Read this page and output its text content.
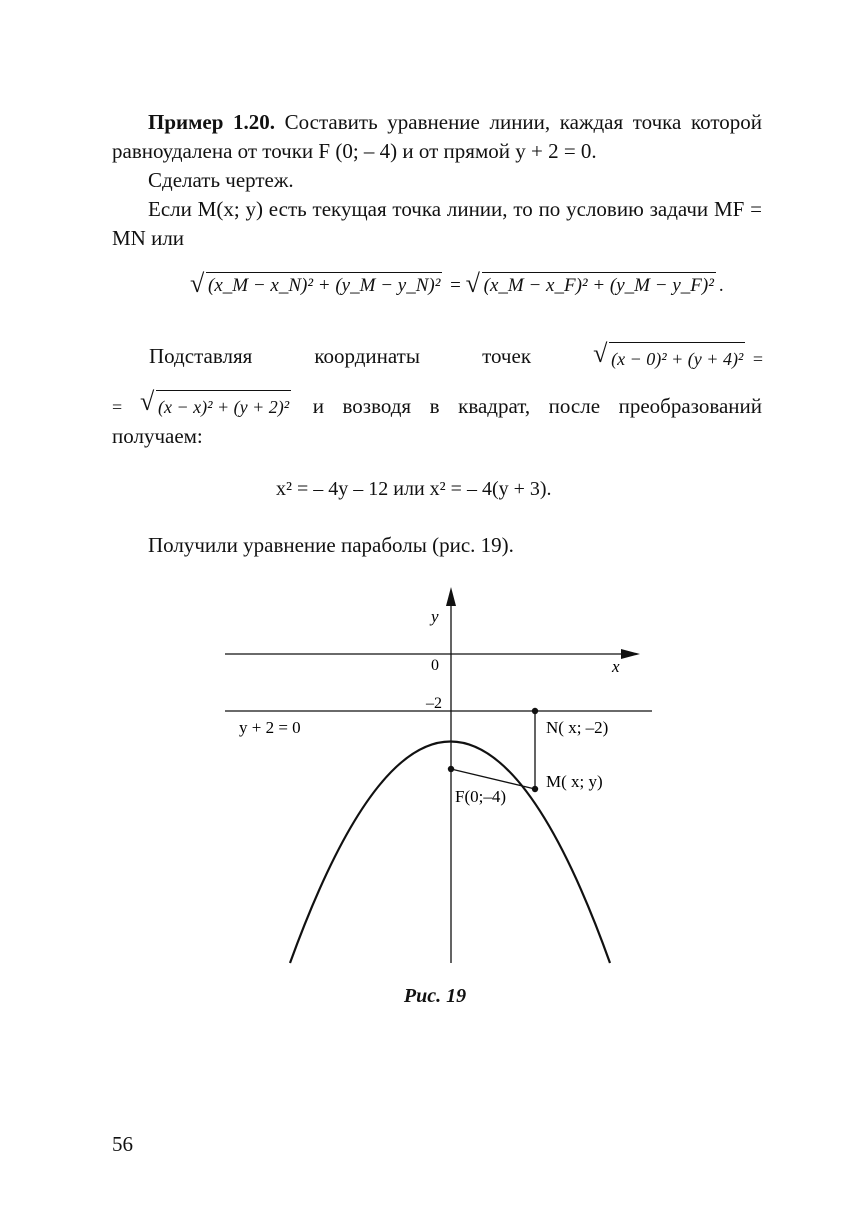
Пример 1.20. Составить уравнение линии, каждая точка которой равноудалена от точки F (0; – 4) и от прямой y + 2 = 0.

Сделать чертеж.

Если M(x; y) есть текущая точка линии, то по условию задачи MF = MN или

√ (x_M − x_N)² + (y_M − y_N)² = √ (x_M − x_F)² + (y_M − y_F)² .
Подставляя	координаты	точек
√	(x − 0)² + (y + 4)² =
= √ (x − x)² + (y + 2)² и возводя в квадрат, после преобразований получаем:
x² = – 4y – 12 или x² = – 4(y + 3).

Получили уравнение параболы (рис. 19).

y
x
0
–2
y + 2 = 0	N( x; –2)
M( x; y)
F(0;–4)
Рис. 19
56
